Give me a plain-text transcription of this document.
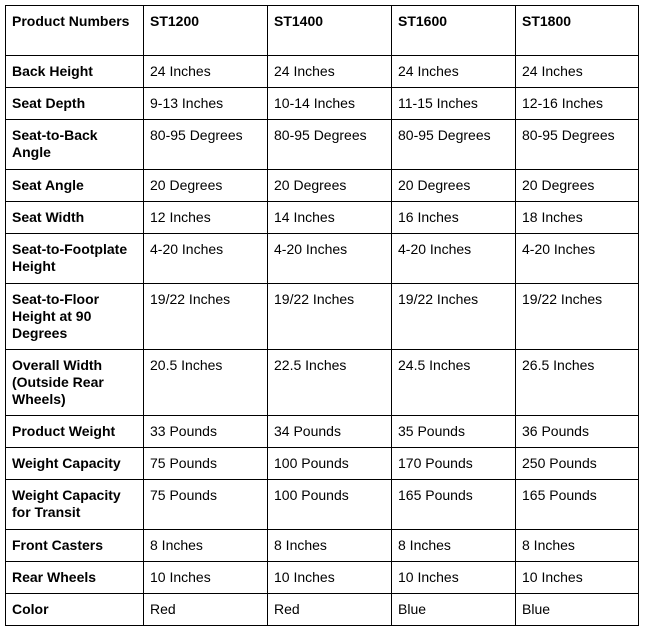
Product Numbers	ST1200	ST1400	ST1600	ST1800
Back Height	24 Inches	24 Inches	24 Inches	24 Inches
Seat Depth	9-13 Inches	10-14 Inches	11-15 Inches	12-16 Inches
Seat-to-Back Angle	80-95 Degrees	80-95 Degrees	80-95 Degrees	80-95 Degrees
Seat Angle	20 Degrees	20 Degrees	20 Degrees	20 Degrees
Seat Width	12 Inches	14 Inches	16 Inches	18 Inches
Seat-to-Footplate Height	4-20 Inches	4-20 Inches	4-20 Inches	4-20 Inches
Seat-to-Floor Height at 90 Degrees	19/22 Inches	19/22 Inches	19/22 Inches	19/22 Inches
Overall Width (Outside Rear Wheels)	20.5 Inches	22.5 Inches	24.5 Inches	26.5 Inches
Product Weight	33 Pounds	34 Pounds	35 Pounds	36 Pounds
Weight Capacity	75 Pounds	100 Pounds	170 Pounds	250 Pounds
Weight Capacity for Transit	75 Pounds	100 Pounds	165 Pounds	165 Pounds
Front Casters	8 Inches	8 Inches	8 Inches	8 Inches
Rear Wheels	10 Inches	10 Inches	10 Inches	10 Inches
Color	Red	Red	Blue	Blue
